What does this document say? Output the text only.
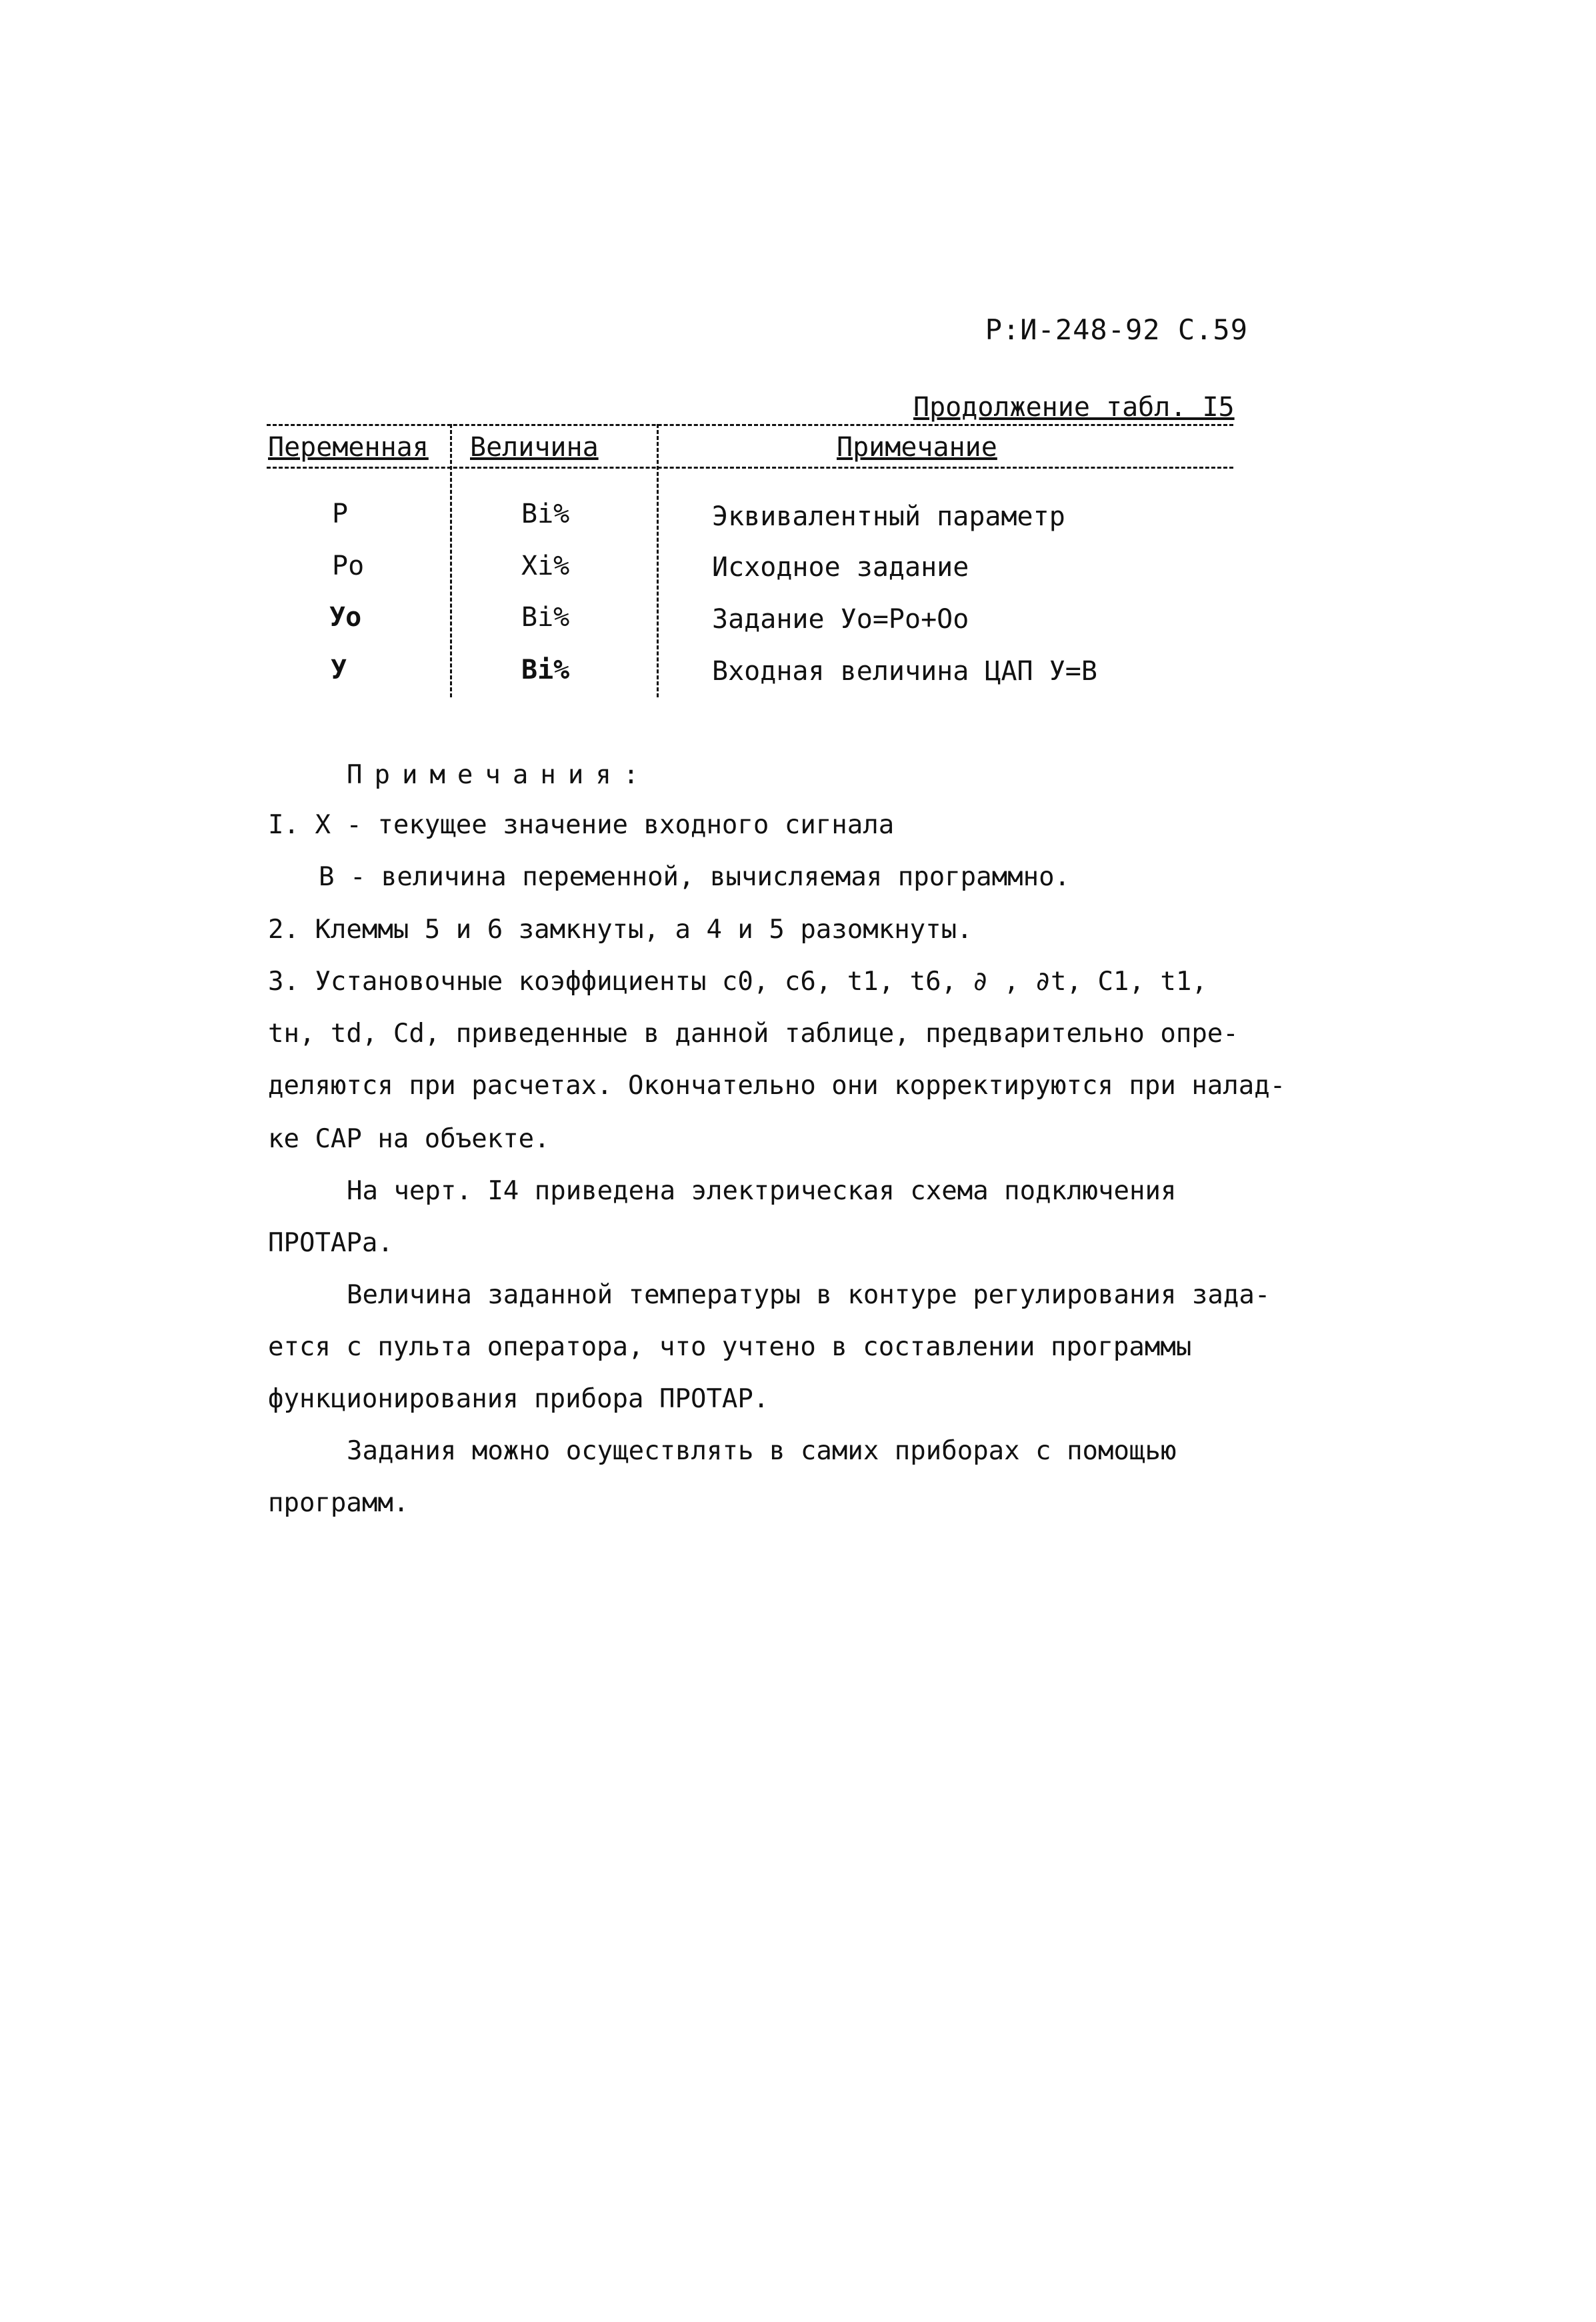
Р:И-248-92 С.59
Продолжение табл. I5
Переменная Величина	Примечание
P	Bi%	Эквивалентный параметр
Po	Xi%	Исходное задание
Уо	Bi%	Задание Уо=Ро+Оо
У	Bi%	Входная величина ЦАП У=В
Примечания:
I. X - текущее значение входного сигнала
В - величина переменной, вычисляемая программно.
2. Клеммы 5 и 6 замкнуты, а 4 и 5 разомкнуты.
3. Установочные коэффициенты с0, с6, t1, t6, ∂ , ∂t, C1, t1,
tн, td, Cd, приведенные в данной таблице, предварительно опре-
деляются при расчетах. Окончательно они корректируются при налад-
ке САР на объекте.
На черт. I4 приведена электрическая схема подключения
ПРОТАРа.
Величина заданной температуры в контуре регулирования зада-
ется с пульта оператора, что учтено в составлении программы
функционирования прибора ПРОТАР.
Задания можно осуществлять в самих приборах с помощью
программ.
